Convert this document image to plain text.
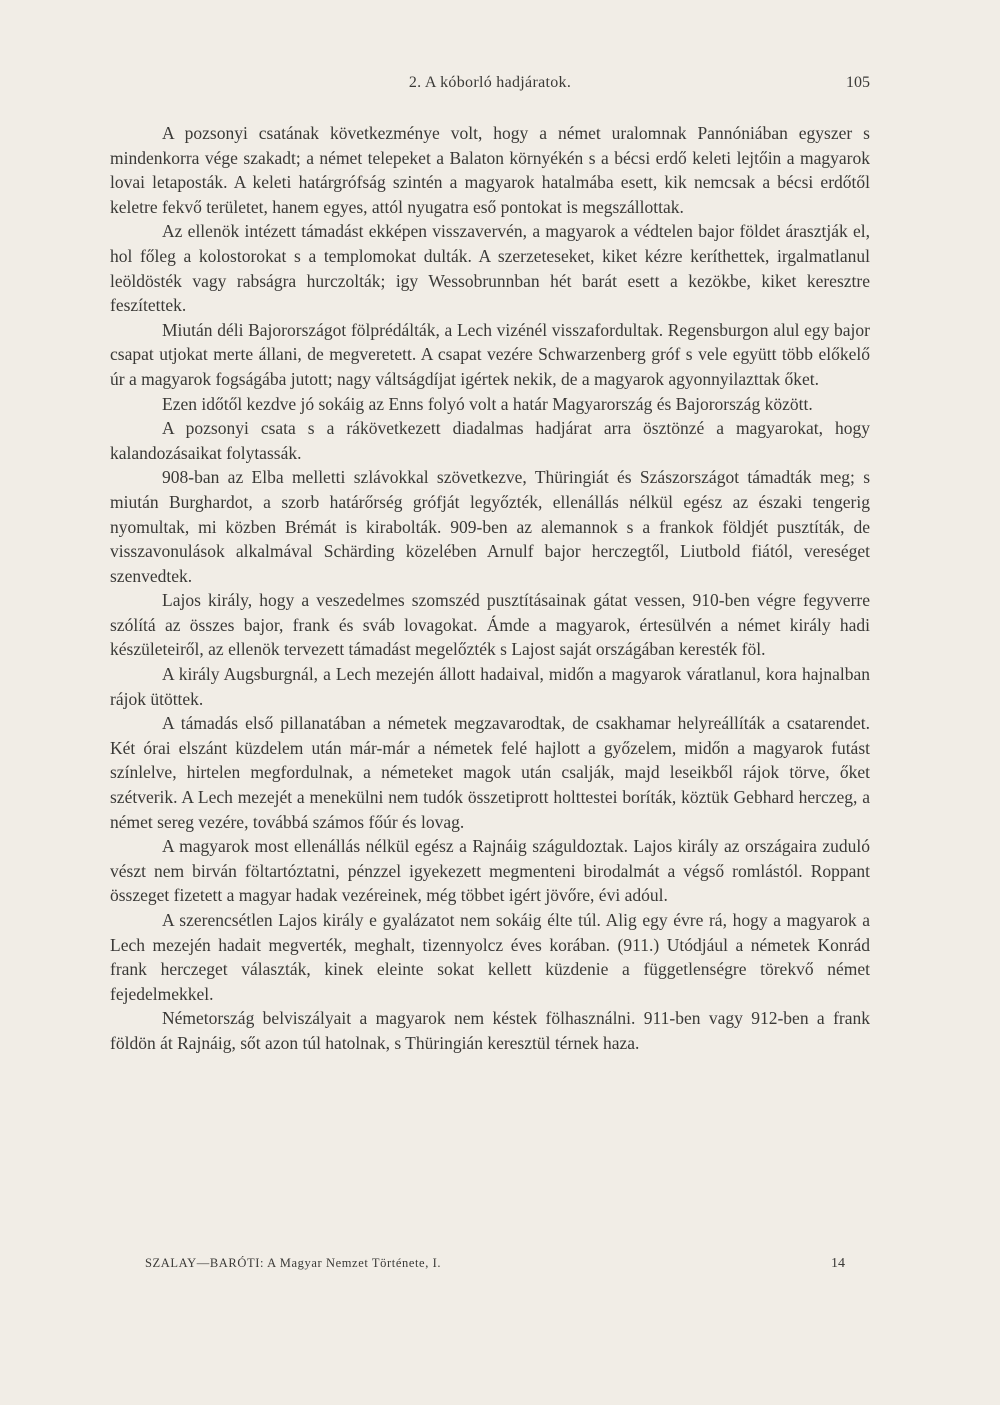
2. A kóborló hadjáratok.	105

A pozsonyi csatának következménye volt, hogy a német uralomnak Pannóniában egyszer s mindenkorra vége szakadt; a német telepeket a Balaton környékén s a bécsi erdő keleti lejtőin a magyarok lovai letaposták. A keleti határgrófság szintén a magyarok hatalmába esett, kik nemcsak a bécsi erdőtől keletre fekvő területet, hanem egyes, attól nyugatra eső pontokat is megszállottak.

Az ellenök intézett támadást ekképen visszavervén, a magyarok a védtelen bajor földet árasztják el, hol főleg a kolostorokat s a templomokat dulták. A szerzeteseket, kiket kézre keríthettek, irgalmatlanul leöldösték vagy rabságra hurczolták; igy Wessobrunnban hét barát esett a kezökbe, kiket keresztre feszítettek.

Miután déli Bajorországot fölprédálták, a Lech vizénél visszafordultak. Regensburgon alul egy bajor csapat utjokat merte állani, de megveretett. A csapat vezére Schwarzenberg gróf s vele együtt több előkelő úr a magyarok fogságába jutott; nagy váltságdíjat igértek nekik, de a magyarok agyonnyilazttak őket.

Ezen időtől kezdve jó sokáig az Enns folyó volt a határ Magyarország és Bajorország között.

A pozsonyi csata s a rákövetkezett diadalmas hadjárat arra ösztönzé a magyarokat, hogy kalandozásaikat folytassák.

908-ban az Elba melletti szlávokkal szövetkezve, Thüringiát és Szászországot támadták meg; s miután Burghardot, a szorb határőrség grófját legyőzték, ellenállás nélkül egész az északi tengerig nyomultak, mi közben Brémát is kirabolták. 909-ben az alemannok s a frankok földjét pusztíták, de visszavonulások alkalmával Schärding közelében Arnulf bajor herczegtől, Liutbold fiától, vereséget szenvedtek.

Lajos király, hogy a veszedelmes szomszéd pusztításainak gátat vessen, 910-ben végre fegyverre szólítá az összes bajor, frank és sváb lovagokat. Ámde a magyarok, értesülvén a német király hadi készületeiről, az ellenök tervezett támadást megelőzték s Lajost saját országában keresték föl.

A király Augsburgnál, a Lech mezején állott hadaival, midőn a magyarok váratlanul, kora hajnalban rájok ütöttek.

A támadás első pillanatában a németek megzavarodtak, de csakhamar helyreállíták a csatarendet. Két órai elszánt küzdelem után már-már a németek felé hajlott a győzelem, midőn a magyarok futást színlelve, hirtelen megfordulnak, a németeket magok után csalják, majd leseikből rájok törve, őket szétverik. A Lech mezejét a menekülni nem tudók összetiprott holttestei boríták, köztük Gebhard herczeg, a német sereg vezére, továbbá számos főúr és lovag.

A magyarok most ellenállás nélkül egész a Rajnáig száguldoztak. Lajos király az országaira zuduló vészt nem birván föltartóztatni, pénzzel igyekezett megmenteni birodalmát a végső romlástól. Roppant összeget fizetett a magyar hadak vezéreinek, még többet igért jövőre, évi adóul.

A szerencsétlen Lajos király e gyalázatot nem sokáig élte túl. Alig egy évre rá, hogy a magyarok a Lech mezején hadait megverték, meghalt, tizennyolcz éves korában. (911.) Utódjául a németek Konrád frank herczeget választák, kinek eleinte sokat kellett küzdenie a függetlenségre törekvő német fejedelmekkel.

Németország belviszályait a magyarok nem késtek fölhasználni. 911-ben vagy 912-ben a frank földön át Rajnáig, sőt azon túl hatolnak, s Thüringián keresztül térnek haza.

SZALAY—BARÓTI: A Magyar Nemzet Története, I.	14
